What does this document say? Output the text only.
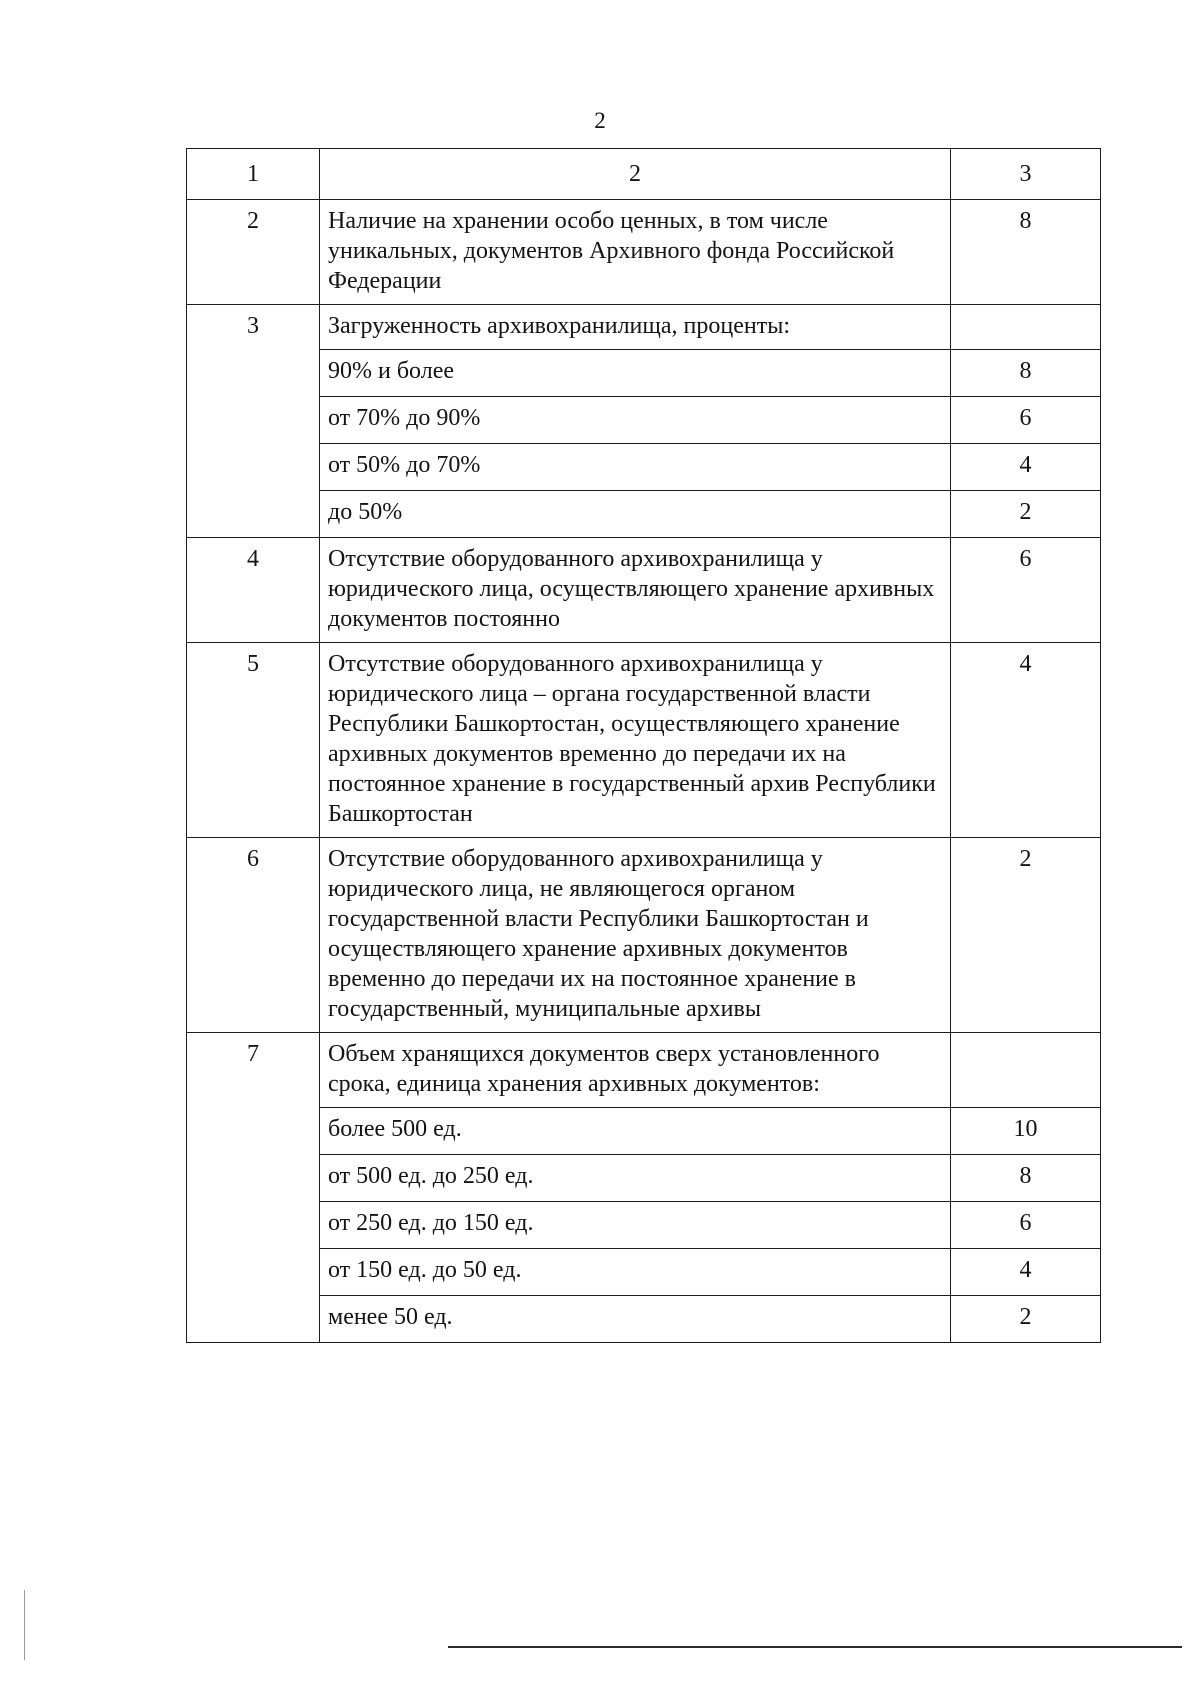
2
1	2	3
2	Наличие на хранении особо ценных, в том числе уникальных, документов Архивного фонда Российской Федерации	8
3	Загруженность архивохранилища, проценты:	
	90% и более	8
	от 70% до 90%	6
	от 50% до 70%	4
	до 50%	2
4	Отсутствие оборудованного архивохранилища у юридического лица, осуществляющего хранение архивных документов постоянно	6
5	Отсутствие оборудованного архивохранилища у юридического лица – органа государственной власти Республики Башкортостан, осуществляющего хранение архивных документов временно до передачи их на постоянное хранение в государственный архив Республики Башкортостан	4
6	Отсутствие оборудованного архивохранилища у юридического лица, не являющегося органом государственной власти Республики Башкортостан и осуществляющего хранение архивных документов временно до передачи их на постоянное хранение в государственный, муниципальные архивы	2
7	Объем хранящихся документов сверх установленного срока, единица хранения архивных документов:	
	более 500 ед.	10
	от 500 ед. до 250 ед.	8
	от 250 ед. до 150 ед.	6
	от 150 ед. до 50 ед.	4
	менее 50 ед.	2
